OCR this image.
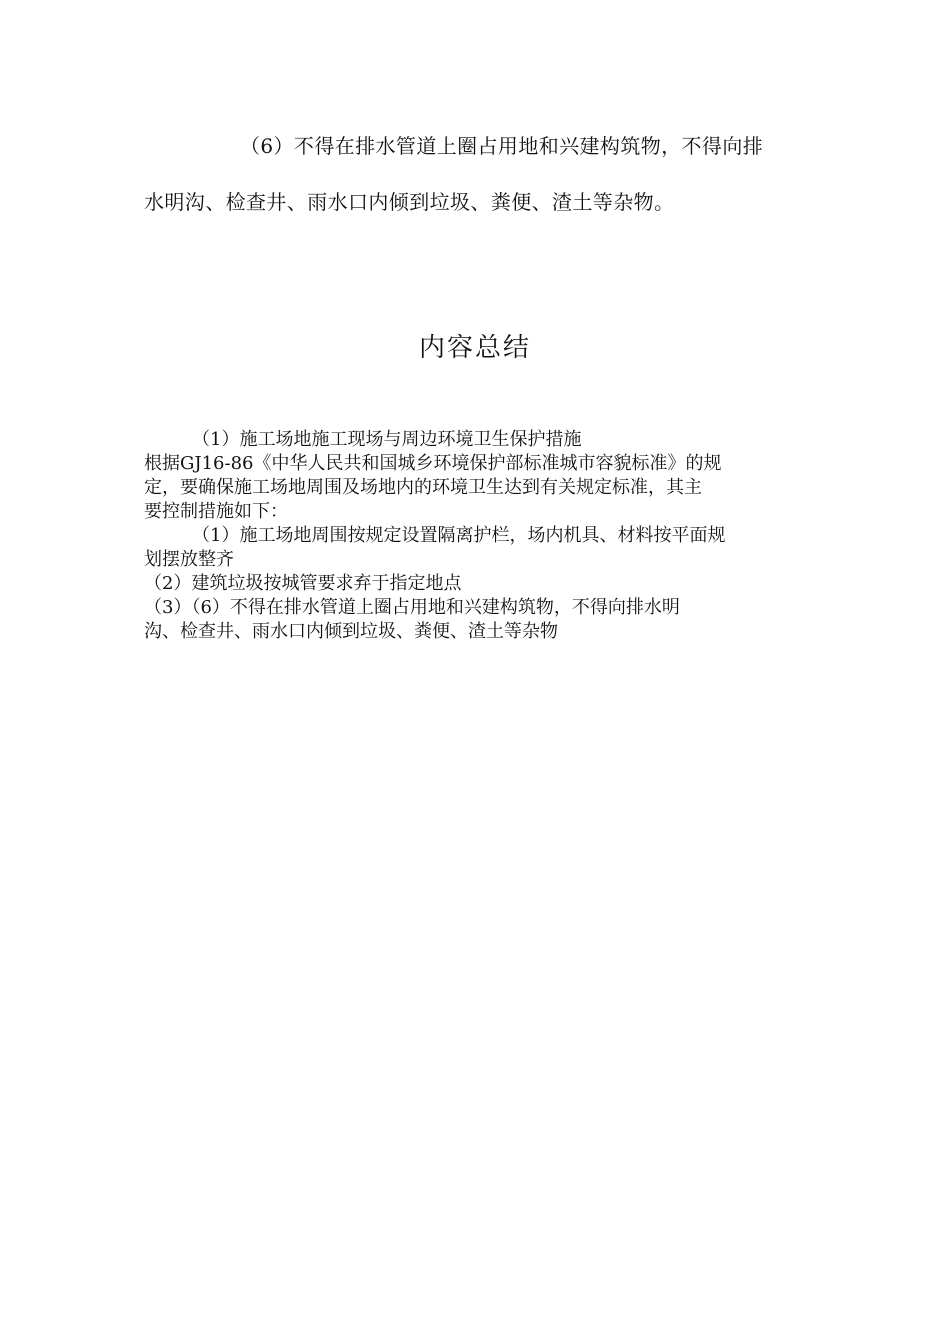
（6）不得在排水管道上圈占用地和兴建构筑物，不得向排
水明沟、检查井、雨水口内倾到垃圾、粪便、渣土等杂物。
内容总结
（1）施工场地施工现场与周边环境卫生保护措施
根据GJ16-86《中华人民共和国城乡环境保护部标准城市容貌标准》的规
定，要确保施工场地周围及场地内的环境卫生达到有关规定标准，其主
要控制措施如下：
（1）施工场地周围按规定设置隔离护栏，场内机具、材料按平面规
划摆放整齐
（2）建筑垃圾按城管要求弃于指定地点
（3）（6）不得在排水管道上圈占用地和兴建构筑物，不得向排水明
沟、检查井、雨水口内倾到垃圾、粪便、渣土等杂物
